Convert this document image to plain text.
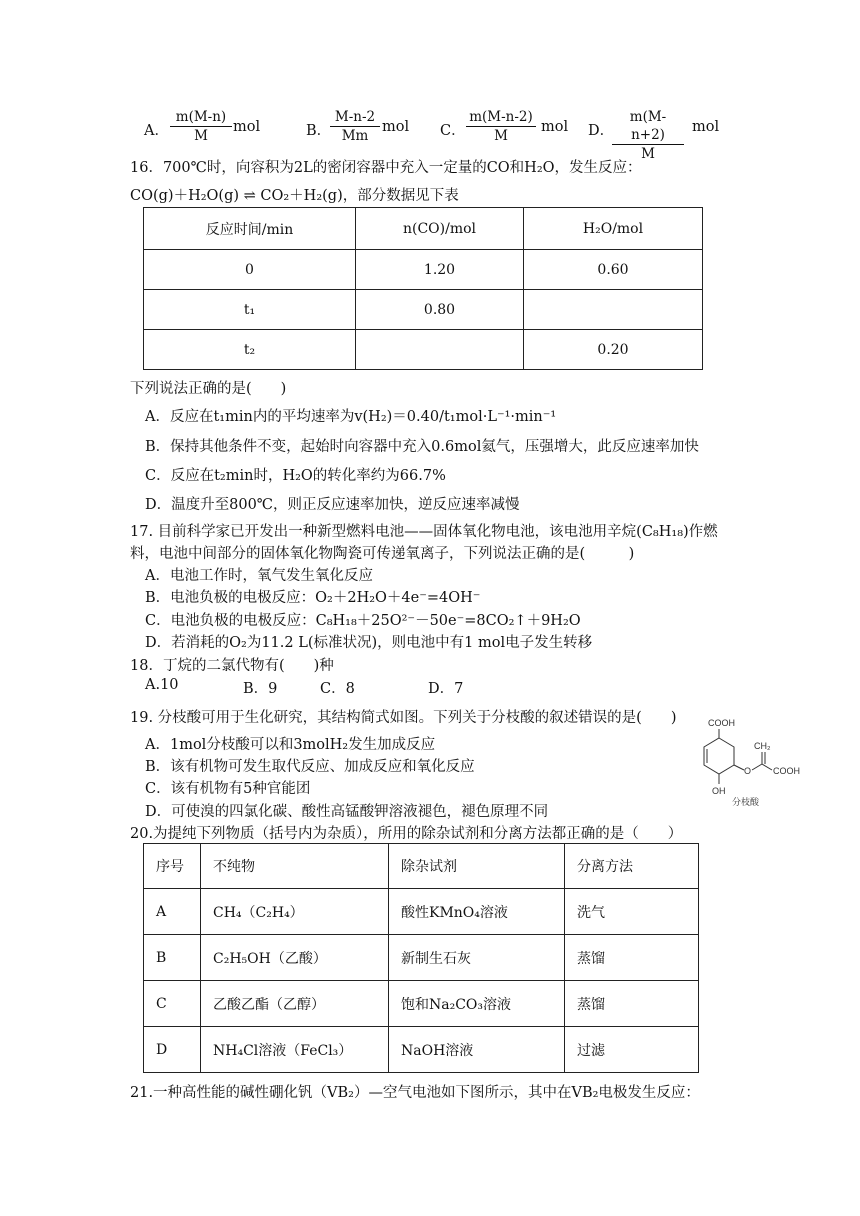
A． $\frac{m(M-n)}{M}$ mol	B．
$\frac{M-n-2}{Mm}$ mol C． $\frac{m(M-n-2)}{M}$ mol D．
$\frac{m(M-n+2)}{M}$ mol
16．700℃时，向容积为2L的密闭容器中充入一定量的CO和H₂O，发生反应：
CO(g)＋H₂O(g) ⇌ CO₂＋H₂(g)，部分数据见下表
反应时间/min	n(CO)/mol	H₂O/mol
0	1.20	0.60
t₁	0.80	
t₂		0.20
下列说法正确的是(　　)
A．反应在t₁min内的平均速率为v(H₂)＝0.40/t₁mol·L⁻¹·min⁻¹
B．保持其他条件不变，起始时向容器中充入0.6mol氦气，压强增大，此反应速率加快
C．反应在t₂min时，H₂O的转化率约为66.7%
D．温度升至800℃，则正反应速率加快，逆反应速率减慢
17. 目前科学家已开发出一种新型燃料电池——固体氧化物电池，该电池用辛烷(C₈H₁₈)作燃
料，电池中间部分的固体氧化物陶瓷可传递氧离子，下列说法正确的是(　　　)
A．电池工作时，氧气发生氧化反应
B．电池负极的电极反应：O₂＋2H₂O＋4e⁻=4OH⁻
C．电池负极的电极反应：C₈H₁₈＋25O²⁻－50e⁻=8CO₂↑＋9H₂O
D．若消耗的O₂为11.2 L(标准状况)，则电池中有1 mol电子发生转移
18．丁烷的二氯代物有(　　)种
A.10	B．9	C．8	D．7
19. 分枝酸可用于生化研究，其结构简式如图。下列关于分枝酸的叙述错误的是(　　)
A．1mol分枝酸可以和3molH₂发生加成反应
B．该有机物可发生取代反应、加成反应和氧化反应
C．该有机物有5种官能团
D．可使溴的四氯化碳、酸性高锰酸钾溶液褪色，褪色原理不同
COOH
CH₂
COOH
O
OH
分枝酸
20.为提纯下列物质（括号内为杂质），所用的除杂试剂和分离方法都正确的是（　　）
序号	不纯物	除杂试剂	分离方法
A	CH₄（C₂H₄）	酸性KMnO₄溶液	洗气
B	C₂H₅OH（乙酸）	新制生石灰	蒸馏
C	乙酸乙酯（乙醇）	饱和Na₂CO₃溶液	蒸馏
D	NH₄Cl溶液（FeCl₃）	NaOH溶液	过滤
21.一种高性能的碱性硼化钒（VB₂）—空气电池如下图所示，其中在VB₂电极发生反应：
